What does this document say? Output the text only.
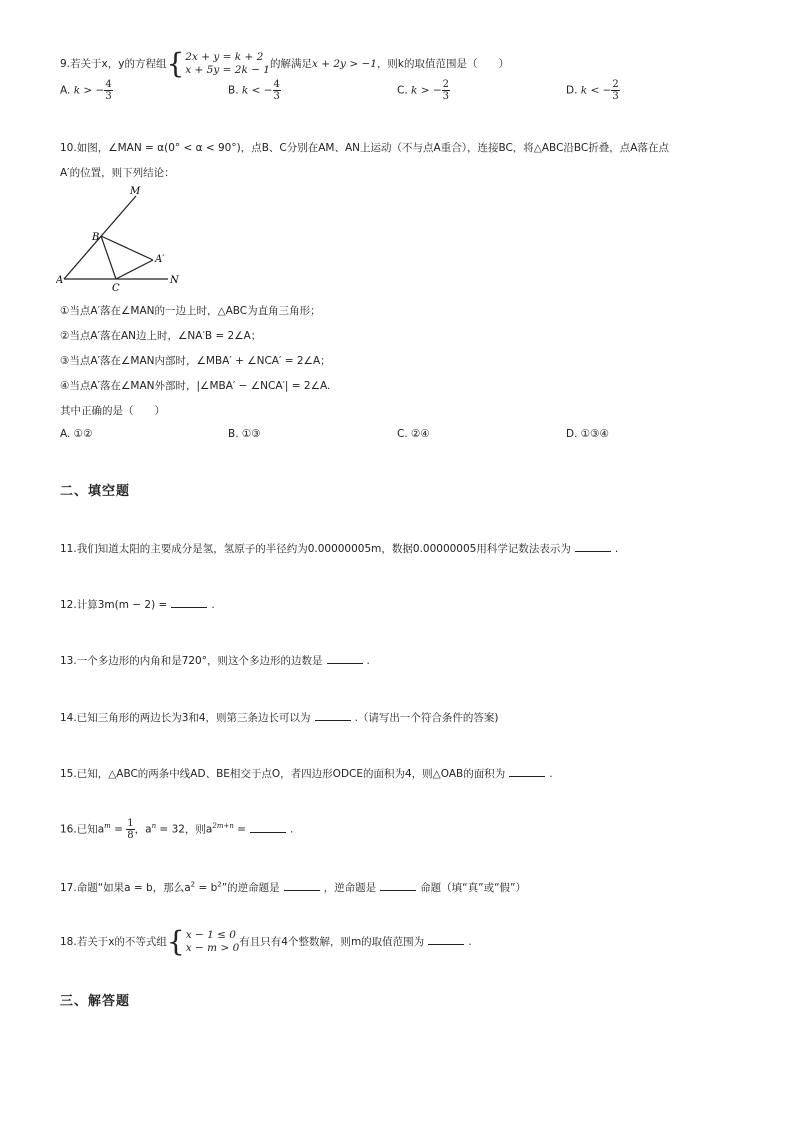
9.若关于x，y的方程组 { 2x + y = k + 2
x + 5y = 2k − 1 的解满足x + 2y > −1，则k的取值范围是（　　）
A. k > − $\frac{4}{3}$	B. k < − $\frac{4}{3}$	C. k > − $\frac{2}{3}$	D. k < − $\frac{2}{3}$
10.如图，∠MAN = α(0° < α < 90°)，点B、C分别在AM、AN上运动（不与点A重合），连接BC，将△ABC沿BC折叠，点A落在点
A′的位置，则下列结论：
M
B
A′
A
C
N
①当点A′落在∠MAN的一边上时，△ABC为直角三角形；
②当点A′落在AN边上时，∠NA′B = 2∠A；
③当点A′落在∠MAN内部时，∠MBA′ + ∠NCA′ = 2∠A；
④当点A′落在∠MAN外部时，|∠MBA′ − ∠NCA′| = 2∠A.
其中正确的是（　　）
A. ①②	B. ①③	C. ②④	D. ①③④
二、填空题
11.我们知道太阳的主要成分是氢，氢原子的半径约为0.00000005m，数据0.00000005用科学记数法表示为	.
12.计算3m(m − 2) =	.
13.一个多边形的内角和是720°，则这个多边形的边数是	.
14.已知三角形的两边长为3和4，则第三条边长可以为	.（请写出一个符合条件的答案)
15.已知，△ABC的两条中线AD、BE相交于点O，者四边形ODCE的面积为4，则△OAB的面积为	.
16.已知$a^m = \frac{1}{8}$ ，$a^n = 32$，则$a^{2m+n}$ =	.
17.命题“如果a = b，那么$a^2 = b^2$”的逆命题是	，逆命题是	命题（填“真”或“假”）
18.若关于x的不等式组 { x − 1 ≤ 0
x − m > 0 有且只有4个整数解，则m的取值范围为	.
三、解答题
